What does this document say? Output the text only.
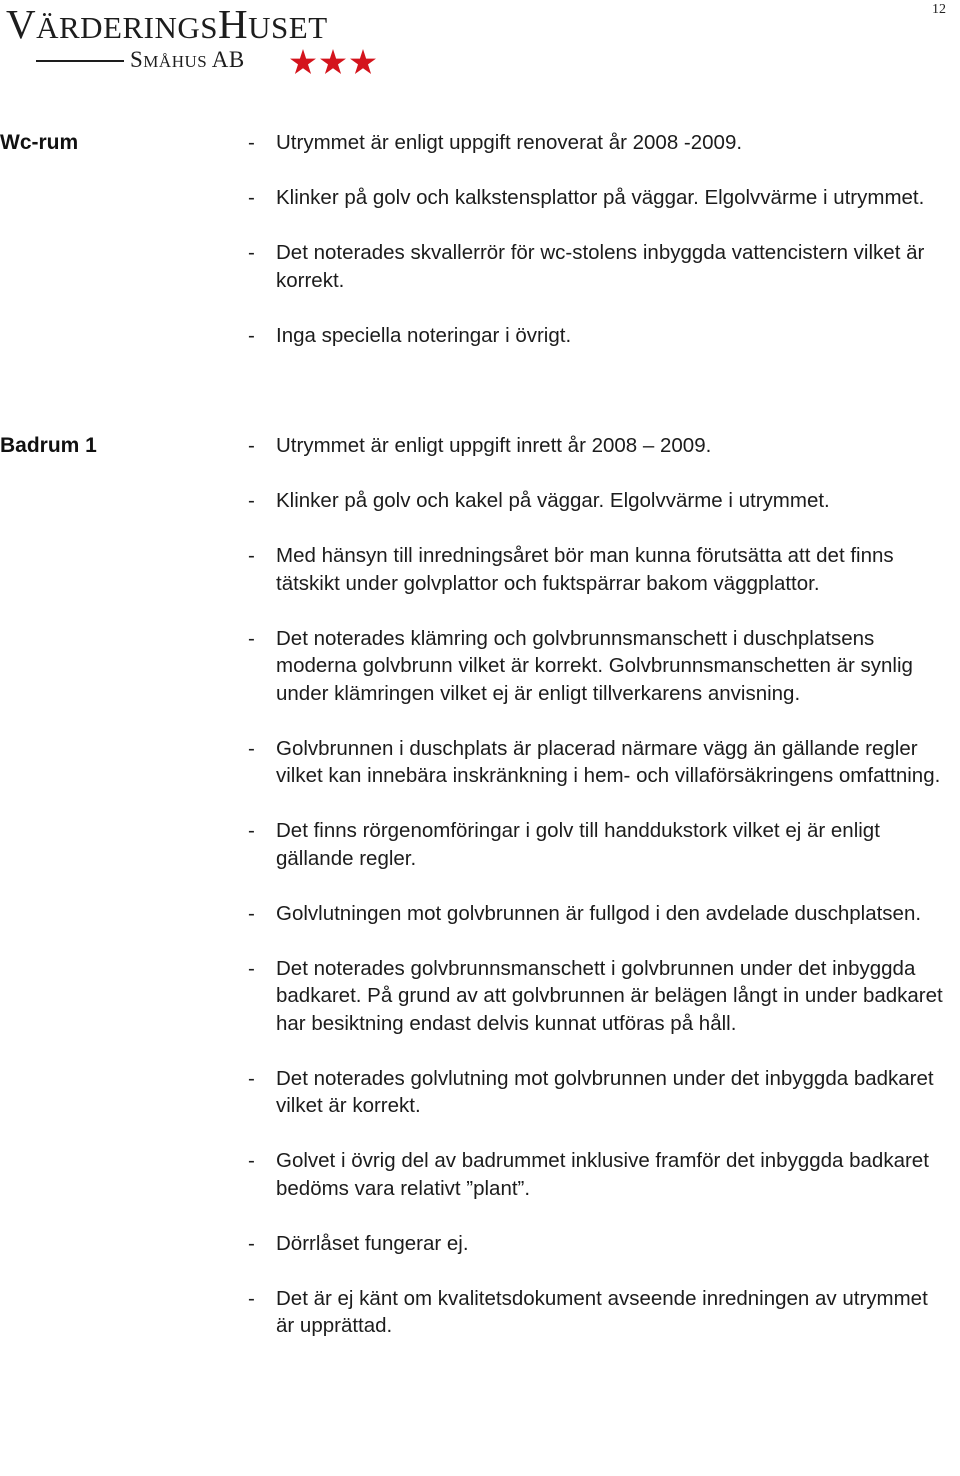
VÄRDERINGSHUSET
SMÅHUS AB
12
Wc-rum	- Utrymmet är enligt uppgift renoverat år 2008 -2009.
- Klinker på golv och kalkstensplattor på väggar. Elgolvvärme i utrymmet.
- Det noterades skvallerrör för wc-stolens inbyggda vattencistern vilket är korrekt.
- Inga speciella noteringar i övrigt.
Badrum 1	- Utrymmet är enligt uppgift inrett år 2008 – 2009.
- Klinker på golv och kakel på väggar. Elgolvvärme i utrymmet.
- Med hänsyn till inredningsåret bör man kunna förutsätta att det finns tätskikt under golvplattor och fuktspärrar bakom väggplattor.
- Det noterades klämring och golvbrunnsmanschett i duschplatsens moderna golvbrunn vilket är korrekt. Golvbrunnsmanschetten är synlig under klämringen vilket ej är enligt tillverkarens anvisning.
- Golvbrunnen i duschplats är placerad närmare vägg än gällande regler vilket kan innebära inskränkning i hem- och villaförsäkringens omfattning.
- Det finns rörgenomföringar i golv till handdukstork vilket ej är enligt gällande regler.
- Golvlutningen mot golvbrunnen är fullgod i den avdelade duschplatsen.
- Det noterades golvbrunnsmanschett i golvbrunnen under det inbyggda badkaret. På grund av att golvbrunnen är belägen långt in under badkaret har besiktning endast delvis kunnat utföras på håll.
- Det noterades golvlutning mot golvbrunnen under det inbyggda badkaret vilket är korrekt.
- Golvet i övrig del av badrummet inklusive framför det inbyggda badkaret bedöms vara relativt ”plant”.
- Dörrlåset fungerar ej.
- Det är ej känt om kvalitetsdokument avseende inredningen av utrymmet är upprättad.
